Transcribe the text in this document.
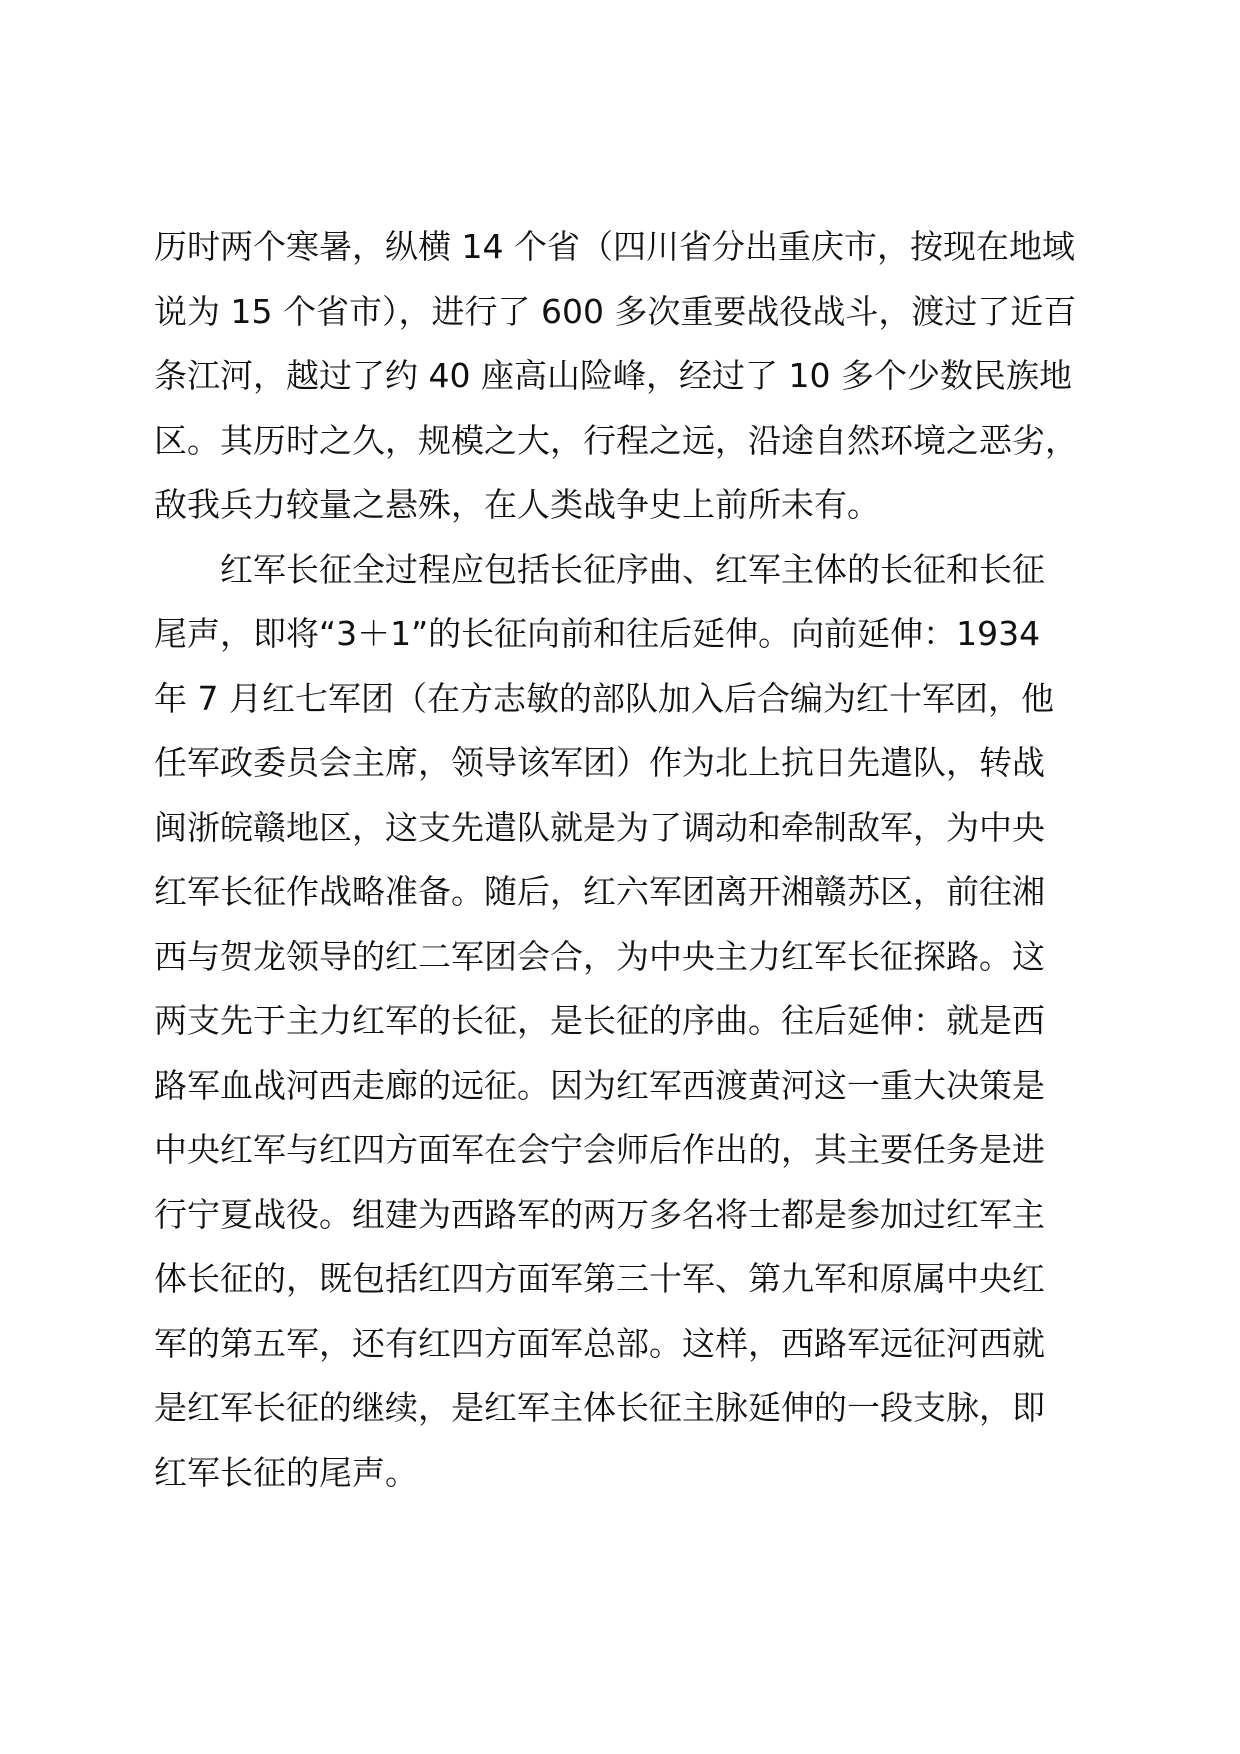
历时两个寒暑，纵横 14 个省（四川省分出重庆市，按现在地域
说为 15 个省市），进行了 600 多次重要战役战斗，渡过了近百
条江河，越过了约 40 座高山险峰，经过了 10 多个少数民族地
区。其历时之久，规模之大，行程之远，沿途自然环境之恶劣，
敌我兵力较量之悬殊，在人类战争史上前所未有。
　　红军长征全过程应包括长征序曲、红军主体的长征和长征
尾声，即将“3＋1”的长征向前和往后延伸。向前延伸：1934
年 7 月红七军团（在方志敏的部队加入后合编为红十军团，他
任军政委员会主席，领导该军团）作为北上抗日先遣队，转战
闽浙皖赣地区，这支先遣队就是为了调动和牵制敌军，为中央
红军长征作战略准备。随后，红六军团离开湘赣苏区，前往湘
西与贺龙领导的红二军团会合，为中央主力红军长征探路。这
两支先于主力红军的长征，是长征的序曲。往后延伸：就是西
路军血战河西走廊的远征。因为红军西渡黄河这一重大决策是
中央红军与红四方面军在会宁会师后作出的，其主要任务是进
行宁夏战役。组建为西路军的两万多名将士都是参加过红军主
体长征的，既包括红四方面军第三十军、第九军和原属中央红
军的第五军，还有红四方面军总部。这样，西路军远征河西就
是红军长征的继续，是红军主体长征主脉延伸的一段支脉，即
红军长征的尾声。
